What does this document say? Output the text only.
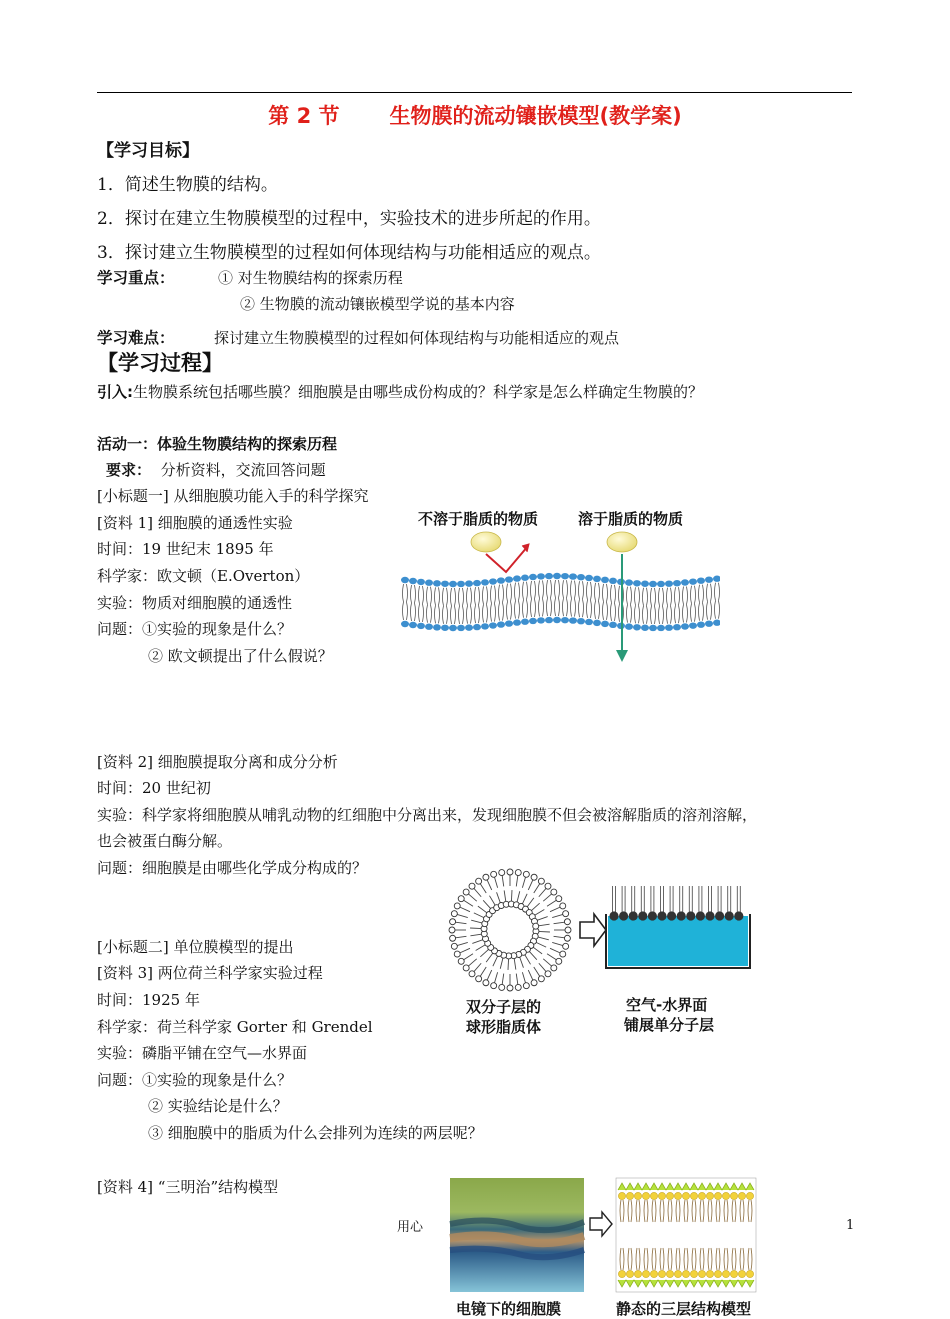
第 2 节 生物膜的流动镶嵌模型(教学案)
【学习目标】
1．简述生物膜的结构。
2．探讨在建立生物膜模型的过程中，实验技术的进步所起的作用。
3．探讨建立生物膜模型的过程如何体现结构与功能相适应的观点。
学习重点：	① 对生物膜结构的探索历程
② 生物膜的流动镶嵌模型学说的基本内容
学习难点：	探讨建立生物膜模型的过程如何体现结构与功能相适应的观点
【学习过程】
引入:生物膜系统包括哪些膜？细胞膜是由哪些成份构成的？科学家是怎么样确定生物膜的？
活动一：体验生物膜结构的探索历程
要求： 分析资料，交流回答问题
[小标题一] 从细胞膜功能入手的科学探究
[资料 1] 细胞膜的通透性实验
时间：19 世纪末 1895 年
科学家：欧文顿（E.Overton）
实验：物质对细胞膜的通透性
问题：①实验的现象是什么？
② 欧文顿提出了什么假说？
不溶于脂质的物质	溶于脂质的物质
[资料 2] 细胞膜提取分离和成分分析
时间：20 世纪初
实验：科学家将细胞膜从哺乳动物的红细胞中分离出来，发现细胞膜不但会被溶解脂质的溶剂溶解，
也会被蛋白酶分解。
问题：细胞膜是由哪些化学成分构成的？
双分子层的
球形脂质体
空气-水界面
铺展单分子层
[小标题二] 单位膜模型的提出
[资料 3] 两位荷兰科学家实验过程
时间：1925 年
科学家：荷兰科学家 Gorter 和 Grendel
实验：磷脂平铺在空气—水界面
问题：①实验的现象是什么？
② 实验结论是什么？
③ 细胞膜中的脂质为什么会排列为连续的两层呢？
[资料 4] “三明治”结构模型
用心	1
电镜下的细胞膜	静态的三层结构模型
